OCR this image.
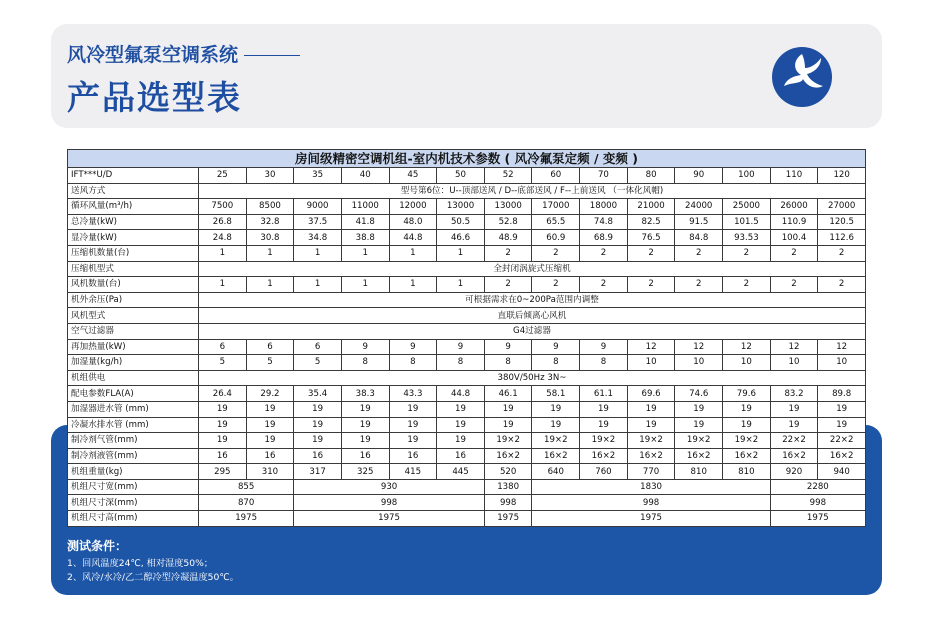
风冷型氟泵空调系统
产品选型表
房间级精密空调机组-室内机技术参数 ( 风冷氟泵定频 / 变频 )														
IFT***U/D	25	30	35	40	45	50	52	60	70	80	90	100	110	120
送风方式	型号第6位：U--顶部送风 / D--底部送风 / F--上前送风 （一体化风帽)													
循环风量(m³/h)	7500	8500	9000	11000	12000	13000	13000	17000	18000	21000	24000	25000	26000	27000
总冷量(kW)	26.8	32.8	37.5	41.8	48.0	50.5	52.8	65.5	74.8	82.5	91.5	101.5	110.9	120.5
显冷量(kW)	24.8	30.8	34.8	38.8	44.8	46.6	48.9	60.9	68.9	76.5	84.8	93.53	100.4	112.6
压缩机数量(台)	1	1	1	1	1	1	2	2	2	2	2	2	2	2
压缩机型式	全封闭涡旋式压缩机													
风机数量(台)	1	1	1	1	1	1	2	2	2	2	2	2	2	2
机外余压(Pa)	可根据需求在0~200Pa范围内调整													
风机型式	直联后倾离心风机													
空气过滤器	G4过滤器													
再加热量(kW)	6	6	6	9	9	9	9	9	9	12	12	12	12	12
加湿量(kg/h)	5	5	5	8	8	8	8	8	8	10	10	10	10	10
机组供电	380V/50Hz 3N~													
配电参数FLA(A)	26.4	29.2	35.4	38.3	43.3	44.8	46.1	58.1	61.1	69.6	74.6	79.6	83.2	89.8
加湿器进水管 (mm)	19	19	19	19	19	19	19	19	19	19	19	19	19	19
冷凝水排水管 (mm)	19	19	19	19	19	19	19	19	19	19	19	19	19	19
制冷剂气管(mm)	19	19	19	19	19	19	19×2	19×2	19×2	19×2	19×2	19×2	22×2	22×2
制冷剂液管(mm)	16	16	16	16	16	16	16×2	16×2	16×2	16×2	16×2	16×2	16×2	16×2
机组重量(kg)	295	310	317	325	415	445	520	640	760	770	810	810	920	940
机组尺寸宽(mm)	855		930				1380	1830					2280	
机组尺寸深(mm)	870		998				998	998					998	
机组尺寸高(mm)	1975		1975				1975	1975					1975	
测试条件：
1、回风温度24℃, 相对湿度50%；
2、风冷/水冷/乙二醇冷型冷凝温度50℃。
